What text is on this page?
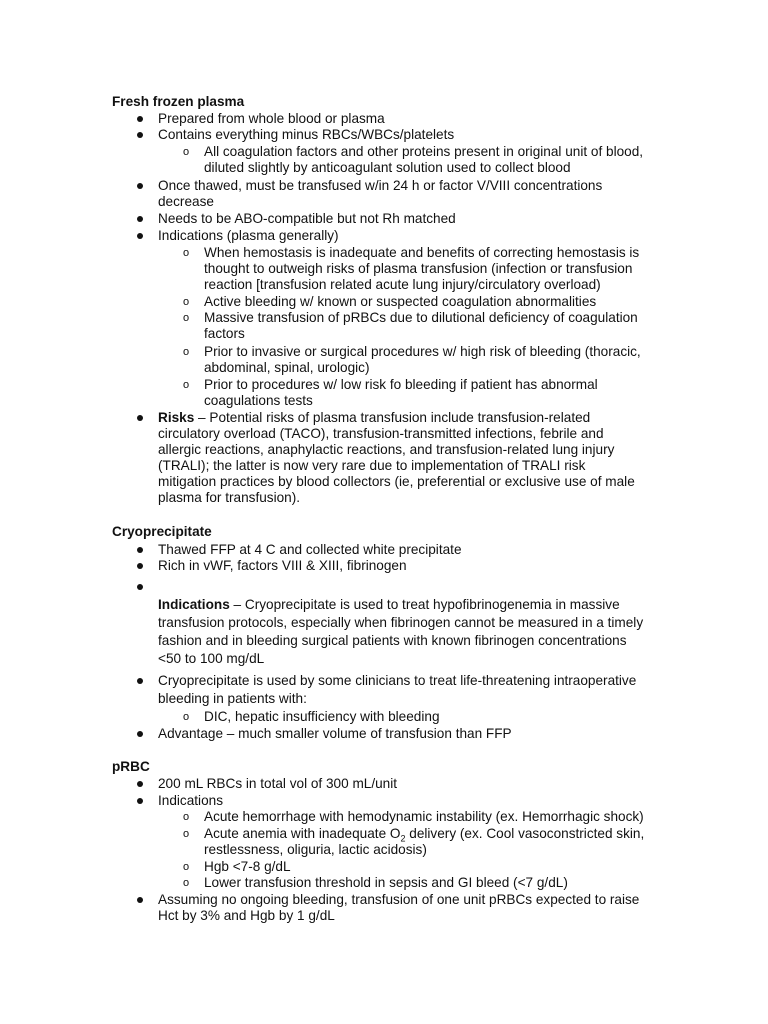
Fresh frozen plasma
Prepared from whole blood or plasma
Contains everything minus RBCs/WBCs/platelets
o All coagulation factors and other proteins present in original unit of blood,
diluted slightly by anticoagulant solution used to collect blood
Once thawed, must be transfused w/in 24 h or factor V/VIII concentrations
decrease
Needs to be ABO-compatible but not Rh matched
Indications (plasma generally)
o When hemostasis is inadequate and benefits of correcting hemostasis is
thought to outweigh risks of plasma transfusion (infection or transfusion
reaction [transfusion related acute lung injury/circulatory overload)
o Active bleeding w/ known or suspected coagulation abnormalities
o Massive transfusion of pRBCs due to dilutional deficiency of coagulation
factors
o Prior to invasive or surgical procedures w/ high risk of bleeding (thoracic,
abdominal, spinal, urologic)
o Prior to procedures w/ low risk fo bleeding if patient has abnormal
coagulations tests
Risks – Potential risks of plasma transfusion include transfusion-related
circulatory overload (TACO), transfusion-transmitted infections, febrile and
allergic reactions, anaphylactic reactions, and transfusion-related lung injury
(TRALI); the latter is now very rare due to implementation of TRALI risk
mitigation practices by blood collectors (ie, preferential or exclusive use of male
plasma for transfusion).
Cryoprecipitate
Thawed FFP at 4 C and collected white precipitate
Rich in vWF, factors VIII & XIII, fibrinogen
Indications – Cryoprecipitate is used to treat hypofibrinogenemia in massive
transfusion protocols, especially when fibrinogen cannot be measured in a timely
fashion and in bleeding surgical patients with known fibrinogen concentrations
<50 to 100 mg/dL
Cryoprecipitate is used by some clinicians to treat life-threatening intraoperative
bleeding in patients with:
o DIC, hepatic insufficiency with bleeding
Advantage – much smaller volume of transfusion than FFP
pRBC
200 mL RBCs in total vol of 300 mL/unit
Indications
o Acute hemorrhage with hemodynamic instability (ex. Hemorrhagic shock)
o Acute anemia with inadequate $O_2$ delivery (ex. Cool vasoconstricted skin,
restlessness, oliguria, lactic acidosis)
o Hgb <7-8 g/dL
o Lower transfusion threshold in sepsis and GI bleed (<7 g/dL)
Assuming no ongoing bleeding, transfusion of one unit pRBCs expected to raise
Hct by 3% and Hgb by 1 g/dL
